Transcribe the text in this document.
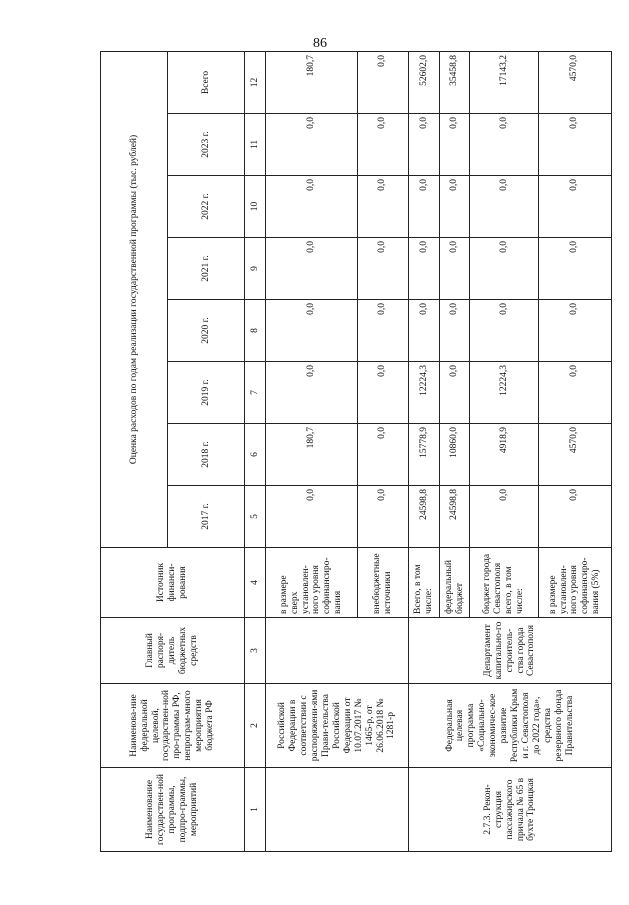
86
Наименование государствен-ной программы, подпро-граммы, мероприятий	Наименова-ние федеральной целевой, государствен-ной про-граммы РФ, непрограм-много мероприятия бюджета РФ	Главный распоря-дитель бюджетных средств	Источник финанси-рования	Оценка расходов по годам реализации государственной программы (тыс. рублей)							
				2017 г.	2018 г.	2019 г.	2020 г.	2021 г.	2022 г.	2023 г.	Всего
1	2	3	4	5	6	7	8	9	10	11	12
	Российской Федерации в соответствии с распоряжени-ями Прави-тельства Российской Федерации от 10.07.2017 № 1465-р, от 26.06.2018 № 1281-р		в размере сверх установлен-ного уровня софинансиро-вания	0,0	180,7	0,0	0,0	0,0	0,0	0,0	180,7
			внебюджетные источники	0,0	0,0	0,0	0,0	0,0	0,0	0,0	0,0
2.7.3. Рекон-струкция пассажирского причала № 65 в бухте Троицкая	Федеральная целевая программа «Социально-экономичес-кое развитие Республики Крым и г. Севастополя до 2022 года», средства резервного фонда Правительства	Департамент капитально-го строитель-ства города Севастополя	Всего, в том числе:	24598,8	15778,9	12224,3	0,0	0,0	0,0	0,0	52602,0
			федеральный бюджет	24598,8	10860,0	0,0	0,0	0,0	0,0	0,0	35458,8
			бюджет города Севастополя всего, в том числе:	0,0	4918,9	12224,3	0,0	0,0	0,0	0,0	17143,2
			в размере установлен-ного уровня софинансиро-вания (5%)	0,0	4570,0	0,0	0,0	0,0	0,0	0,0	4570,0
